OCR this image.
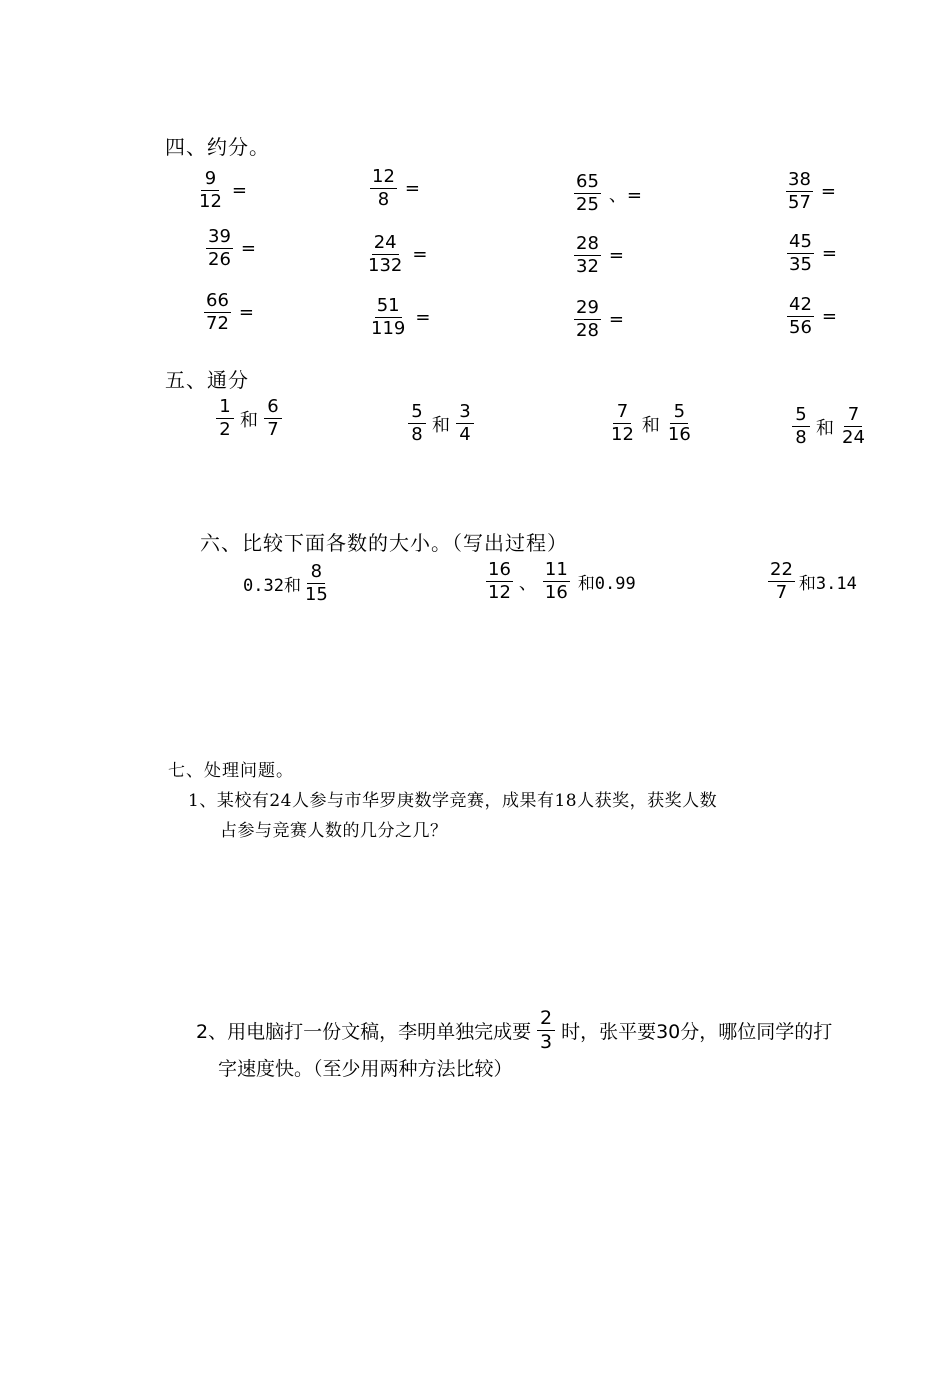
四、约分。
$\frac{9}{12}$ =	$\frac{12}{8}$ =	$\frac{65}{25}$ 、=	$\frac{38}{57}$ =
$\frac{39}{26}$ =	$\frac{24}{132}$ =	$\frac{28}{32}$ =	$\frac{45}{35}$ =
$\frac{66}{72}$ =	$\frac{51}{119}$ =	$\frac{29}{28}$ =	$\frac{42}{56}$ =
五、通分
$\frac{1}{2}$ 和 $\frac{6}{7}$	$\frac{5}{8}$ 和 $\frac{3}{4}$	$\frac{7}{12}$ 和 $\frac{5}{16}$	$\frac{5}{8}$ 和 $\frac{7}{24}$
六、比较下面各数的大小。（写出过程）
0.32和 $\frac{8}{15}$	$\frac{16}{12}$ 、 $\frac{11}{16}$ 和0.99	$\frac{22}{7}$ 和3.14
七、处理问题。
1、某校有24人参与市华罗庚数学竞赛，成果有18人获奖，获奖人数
占参与竞赛人数的几分之几？
2、用电脑打一份文稿，李明单独完成要 $\frac{2}{3}$ 时，张平要30分，哪位同学的打
字速度快。（至少用两种方法比较）
